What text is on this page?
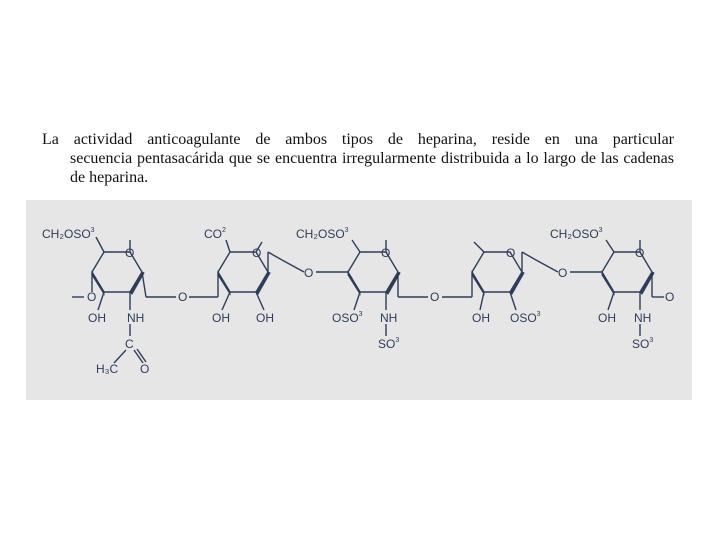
La actividad anticoagulante de ambos tipos de heparina, reside en una particular
secuencia pentasacárida que se encuentra irregularmente distribuida a lo largo de las cadenas de heparina.
CH₂OSO$^3$
O
O
OH NH
C
H₃C O
O
$CO^2$
O
OH OH
O
CH₂OSO$^3$
O
OSO$^3$ NH
$SO^3$
O
O
OH OSO$^3$
O
CH₂OSO$^3$
O
OH NH
$SO^3$
O
